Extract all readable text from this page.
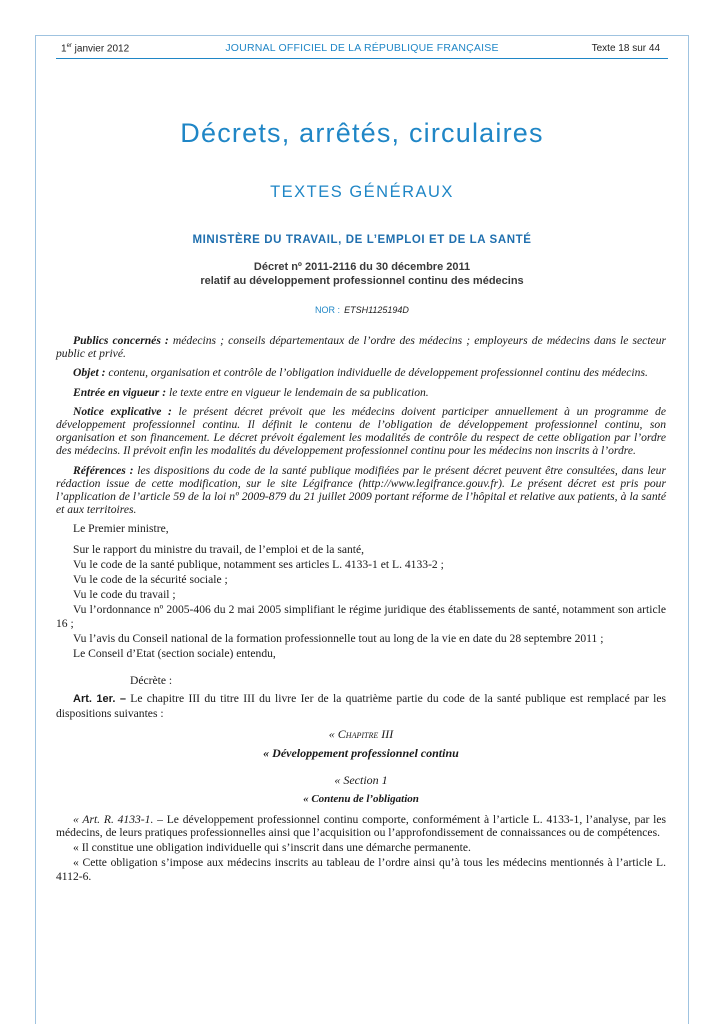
1er janvier 2012	JOURNAL OFFICIEL DE LA RÉPUBLIQUE FRANÇAISE	Texte 18 sur 44
Décrets, arrêtés, circulaires
TEXTES GÉNÉRAUX
MINISTÈRE DU TRAVAIL, DE L’EMPLOI ET DE LA SANTÉ
Décret nº 2011-2116 du 30 décembre 2011
relatif au développement professionnel continu des médecins
NOR : ETSH1125194D

Publics concernés : médecins ; conseils départementaux de l’ordre des médecins ; employeurs de médecins dans le secteur public et privé.

Objet : contenu, organisation et contrôle de l’obligation individuelle de développement professionnel continu des médecins.

Entrée en vigueur : le texte entre en vigueur le lendemain de sa publication.

Notice explicative : le présent décret prévoit que les médecins doivent participer annuellement à un programme de développement professionnel continu. Il définit le contenu de l’obligation de développement professionnel continu, son organisation et son financement. Le décret prévoit également les modalités de contrôle du respect de cette obligation par l’ordre des médecins. Il prévoit enfin les modalités du développement professionnel continu pour les médecins non inscrits à l’ordre.

Références : les dispositions du code de la santé publique modifiées par le présent décret peuvent être consultées, dans leur rédaction issue de cette modification, sur le site Légifrance (http://www.legifrance.gouv.fr). Le présent décret est pris pour l’application de l’article 59 de la loi nº 2009-879 du 21 juillet 2009 portant réforme de l’hôpital et relative aux patients, à la santé et aux territoires.

Le Premier ministre,

Sur le rapport du ministre du travail, de l’emploi et de la santé,

Vu le code de la santé publique, notamment ses articles L. 4133-1 et L. 4133-2 ;

Vu le code de la sécurité sociale ;

Vu le code du travail ;

Vu l’ordonnance nº 2005-406 du 2 mai 2005 simplifiant le régime juridique des établissements de santé, notamment son article 16 ;

Vu l’avis du Conseil national de la formation professionnelle tout au long de la vie en date du 28 septembre 2011 ;

Le Conseil d’Etat (section sociale) entendu,

Décrète :

Art. 1er. – Le chapitre III du titre III du livre Ier de la quatrième partie du code de la santé publique est remplacé par les dispositions suivantes :

« Chapitre III

« Développement professionnel continu

« Section 1

« Contenu de l’obligation

« Art. R. 4133-1. – Le développement professionnel continu comporte, conformément à l’article L. 4133-1, l’analyse, par les médecins, de leurs pratiques professionnelles ainsi que l’acquisition ou l’approfondissement de connaissances ou de compétences.

« Il constitue une obligation individuelle qui s’inscrit dans une démarche permanente.

« Cette obligation s’impose aux médecins inscrits au tableau de l’ordre ainsi qu’à tous les médecins mentionnés à l’article L. 4112-6.
